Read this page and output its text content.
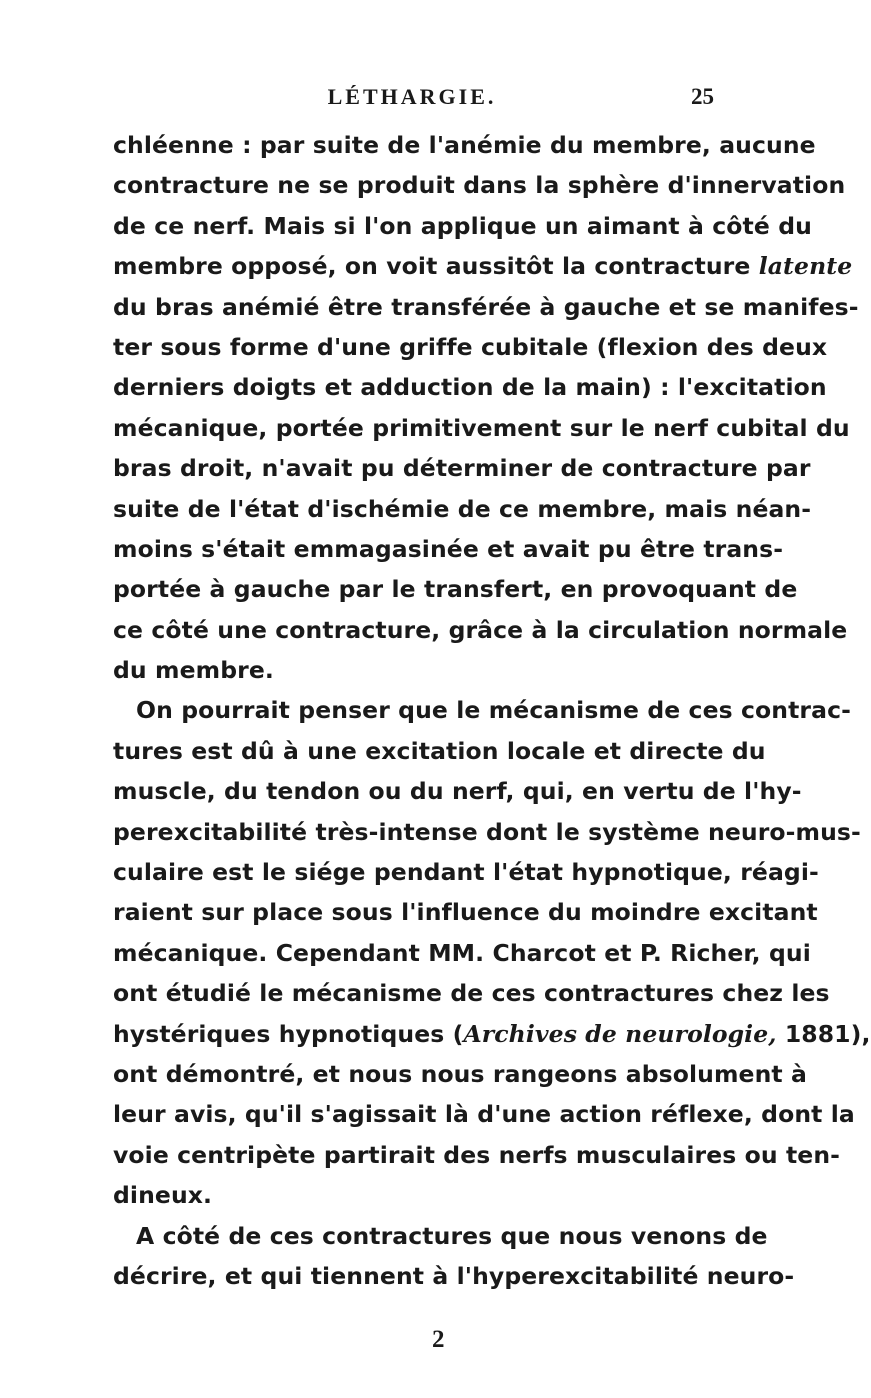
LÉTHARGIE.	25
chléenne : par suite de l'anémie du membre, aucune
contracture ne se produit dans la sphère d'innervation
de ce nerf. Mais si l'on applique un aimant à côté du
membre opposé, on voit aussitôt la contracture latente
du bras anémié être transférée à gauche et se manifes-
ter sous forme d'une griffe cubitale (flexion des deux
derniers doigts et adduction de la main) : l'excitation
mécanique, portée primitivement sur le nerf cubital du
bras droit, n'avait pu déterminer de contracture par
suite de l'état d'ischémie de ce membre, mais néan-
moins s'était emmagasinée et avait pu être trans-
portée à gauche par le transfert, en provoquant de
ce côté une contracture, grâce à la circulation normale
du membre.
On pourrait penser que le mécanisme de ces contrac-
tures est dû à une excitation locale et directe du
muscle, du tendon ou du nerf, qui, en vertu de l'hy-
perexcitabilité très-intense dont le système neuro-mus-
culaire est le siége pendant l'état hypnotique, réagi-
raient sur place sous l'influence du moindre excitant
mécanique. Cependant MM. Charcot et P. Richer, qui
ont étudié le mécanisme de ces contractures chez les
hystériques hypnotiques (Archives de neurologie, 1881),
ont démontré, et nous nous rangeons absolument à
leur avis, qu'il s'agissait là d'une action réflexe, dont la
voie centripète partirait des nerfs musculaires ou ten-
dineux.
A côté de ces contractures que nous venons de
décrire, et qui tiennent à l'hyperexcitabilité neuro-
2
